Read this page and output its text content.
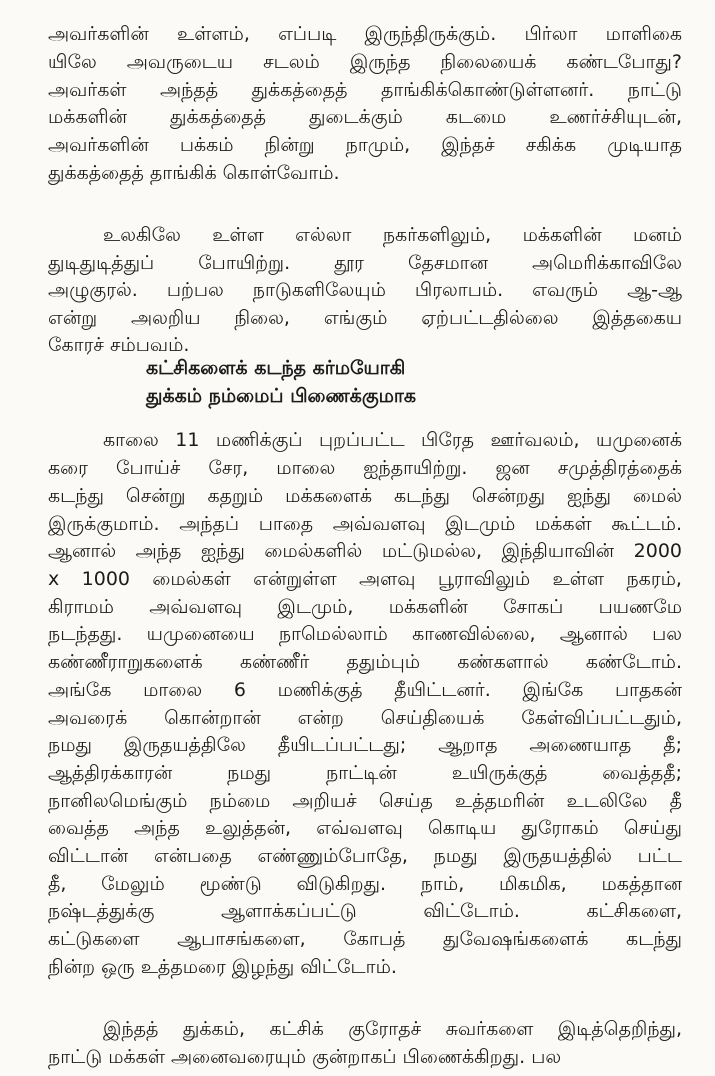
அவர்களின் உள்ளம், எப்படி இருந்திருக்கும். பிர்லா மாளிகை
யிலே அவருடைய சடலம் இருந்த நிலையைக் கண்டபோது?
அவர்கள் அந்தத் துக்கத்தைத் தாங்கிக்கொண்டுள்ளனர். நாட்டு
மக்களின் துக்கத்தைத் துடைக்கும் கடமை உணர்ச்சியுடன்,
அவர்களின் பக்கம் நின்று நாமும், இந்தச் சகிக்க முடியாத
துக்கத்தைத் தாங்கிக் கொள்வோம்.
உலகிலே உள்ள எல்லா நகர்களிலும், மக்களின் மனம்
துடிதுடித்துப் போயிற்று. தூர தேசமான அமெரிக்காவிலே
அழுகுரல். பற்பல நாடுகளிலேயும் பிரலாபம். எவரும் ஆ-ஆ
என்று அலறிய நிலை, எங்கும் ஏற்பட்டதில்லை இத்தகைய
கோரச் சம்பவம்.
கட்சிகளைக் கடந்த கர்மயோகி
துக்கம் நம்மைப் பிணைக்குமாக
காலை 11 மணிக்குப் புறப்பட்ட பிரேத ஊர்வலம், யமுனைக்
கரை போய்ச் சேர, மாலை ஐந்தாயிற்று. ஜன சமுத்திரத்தைக்
கடந்து சென்று கதறும் மக்களைக் கடந்து சென்றது ஐந்து மைல்
இருக்குமாம். அந்தப் பாதை அவ்வளவு இடமும் மக்கள் கூட்டம்.
ஆனால் அந்த ஐந்து மைல்களில் மட்டுமல்ல, இந்தியாவின் 2000
x 1000 மைல்கள் என்றுள்ள அளவு பூராவிலும் உள்ள நகரம்,
கிராமம் அவ்வளவு இடமும், மக்களின் சோகப் பயணமே
நடந்தது. யமுனையை நாமெல்லாம் காணவில்லை, ஆனால் பல
கண்ணீராறுகளைக் கண்ணீர் ததும்பும் கண்களால் கண்டோம்.
அங்கே மாலை 6 மணிக்குத் தீயிட்டனர். இங்கே பாதகன்
அவரைக் கொன்றான் என்ற செய்தியைக் கேள்விப்பட்டதும்,
நமது இருதயத்திலே தீயிடப்பட்டது; ஆறாத அணையாத தீ;
ஆத்திரக்காரன் நமது நாட்டின் உயிருக்குத் வைத்ததீ;
நானிலமெங்கும் நம்மை அறியச் செய்த உத்தமரின் உடலிலே தீ
வைத்த அந்த உலுத்தன், எவ்வளவு கொடிய துரோகம் செய்து
விட்டான் என்பதை எண்ணும்போதே, நமது இருதயத்தில் பட்ட
தீ, மேலும் மூண்டு விடுகிறது. நாம், மிகமிக, மகத்தான
நஷ்டத்துக்கு ஆளாக்கப்பட்டு விட்டோம். கட்சிகளை,
கட்டுகளை ஆபாசங்களை, கோபத் துவேஷங்களைக் கடந்து
நின்ற ஒரு உத்தமரை இழந்து விட்டோம்.
இந்தத் துக்கம், கட்சிக் குரோதச் சுவர்களை இடித்தெறிந்து,
நாட்டு மக்கள் அனைவரையும் குன்றாகப் பிணைக்கிறது. பல
